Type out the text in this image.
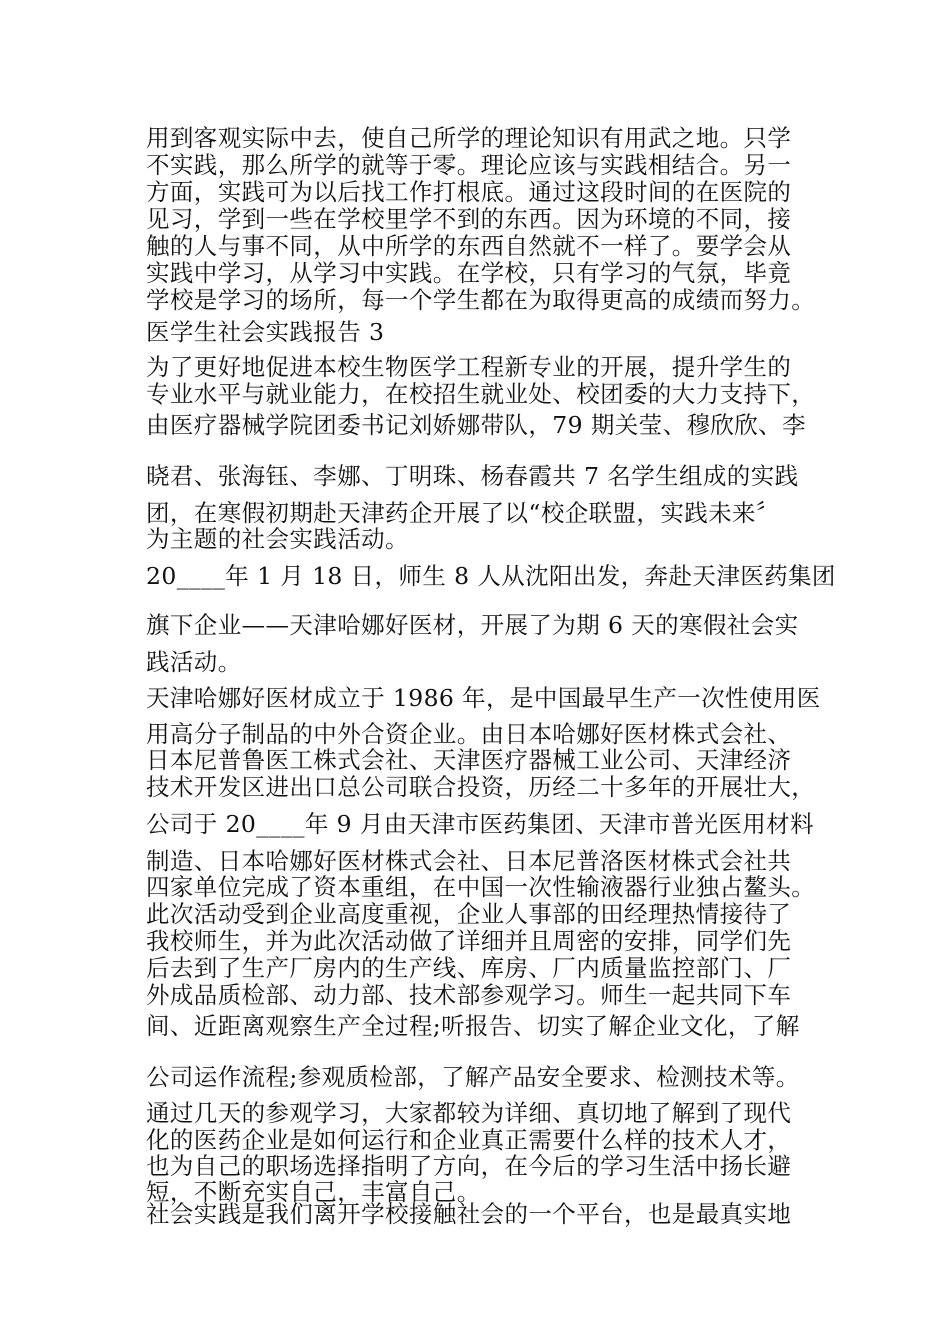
用到客观实际中去，使自己所学的理论知识有用武之地。只学
不实践，那么所学的就等于零。理论应该与实践相结合。另一
方面，实践可为以后找工作打根底。通过这段时间的在医院的
见习，学到一些在学校里学不到的东西。因为环境的不同，接
触的人与事不同，从中所学的东西自然就不一样了。要学会从
实践中学习，从学习中实践。在学校，只有学习的气氛，毕竟
学校是学习的场所，每一个学生都在为取得更高的成绩而努力。
医学生社会实践报告 3
为了更好地促进本校生物医学工程新专业的开展，提升学生的
专业水平与就业能力，在校招生就业处、校团委的大力支持下，
由医疗器械学院团委书记刘娇娜带队，79 期关莹、穆欣欣、李
晓君、张海钰、李娜、丁明珠、杨春霞共 7 名学生组成的实践
团，在寒假初期赴天津药企开展了以“校企联盟，实践未来〞
为主题的社会实践活动。
20____年 1 月 18 日，师生 8 人从沈阳出发，奔赴天津医药集团
旗下企业——天津哈娜好医材，开展了为期 6 天的寒假社会实
践活动。
天津哈娜好医材成立于 1986 年，是中国最早生产一次性使用医
用高分子制品的中外合资企业。由日本哈娜好医材株式会社、
日本尼普鲁医工株式会社、天津医疗器械工业公司、天津经济
技术开发区进出口总公司联合投资，历经二十多年的开展壮大，
公司于 20____年 9 月由天津市医药集团、天津市普光医用材料
制造、日本哈娜好医材株式会社、日本尼普洛医材株式会社共
四家单位完成了资本重组，在中国一次性输液器行业独占鳌头。
此次活动受到企业高度重视，企业人事部的田经理热情接待了
我校师生，并为此次活动做了详细并且周密的安排，同学们先
后去到了生产厂房内的生产线、库房、厂内质量监控部门、厂
外成品质检部、动力部、技术部参观学习。师生一起共同下车
间、近距离观察生产全过程;听报告、切实了解企业文化，了解
公司运作流程;参观质检部，了解产品安全要求、检测技术等。
通过几天的参观学习，大家都较为详细、真切地了解到了现代
化的医药企业是如何运行和企业真正需要什么样的技术人才，
也为自己的职场选择指明了方向，在今后的学习生活中扬长避
短，不断充实自己，丰富自己。
社会实践是我们离开学校接触社会的一个平台，也是最真实地
